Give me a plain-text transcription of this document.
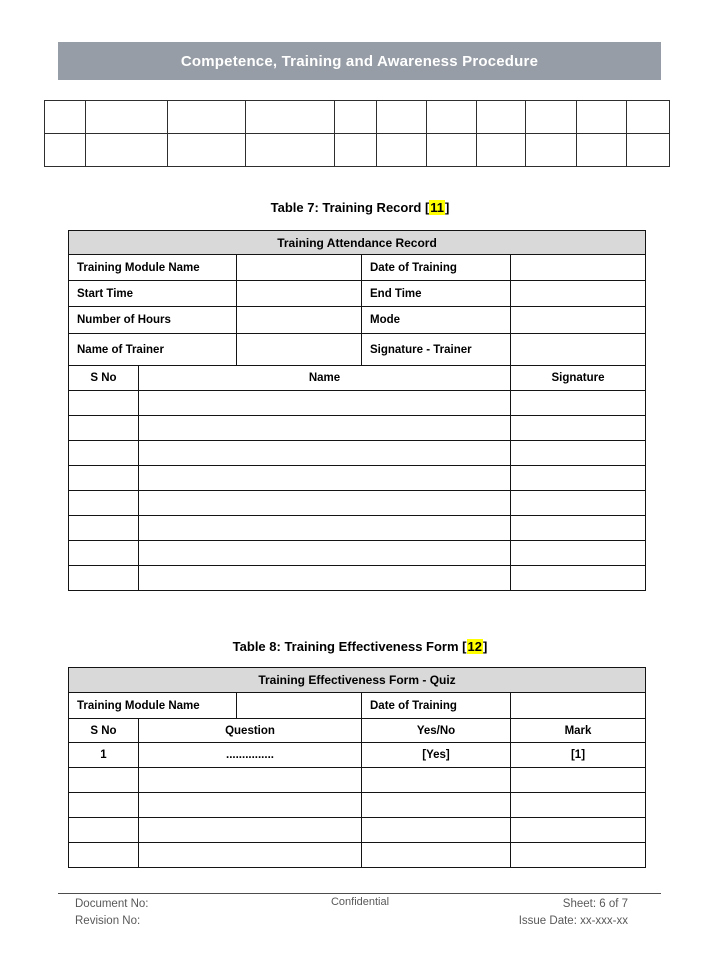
Competence, Training and Awareness Procedure

Table 7: Training Record [11]
Training Attendance Record				
Training Module Name			Date of Training	
Start Time			End Time	
Number of Hours			Mode	
Name of Trainer			Signature - Trainer	
S No	Name			Signature

Table 8: Training Effectiveness Form [12]
Training Effectiveness Form - Quiz				
Training Module Name			Date of Training	
S No	Question		Yes/No	Mark
1	...............		[Yes]	[1]

Document No:
Revision No:
Confidential	Sheet: 6 of 7
Issue Date: xx-xxx-xx
